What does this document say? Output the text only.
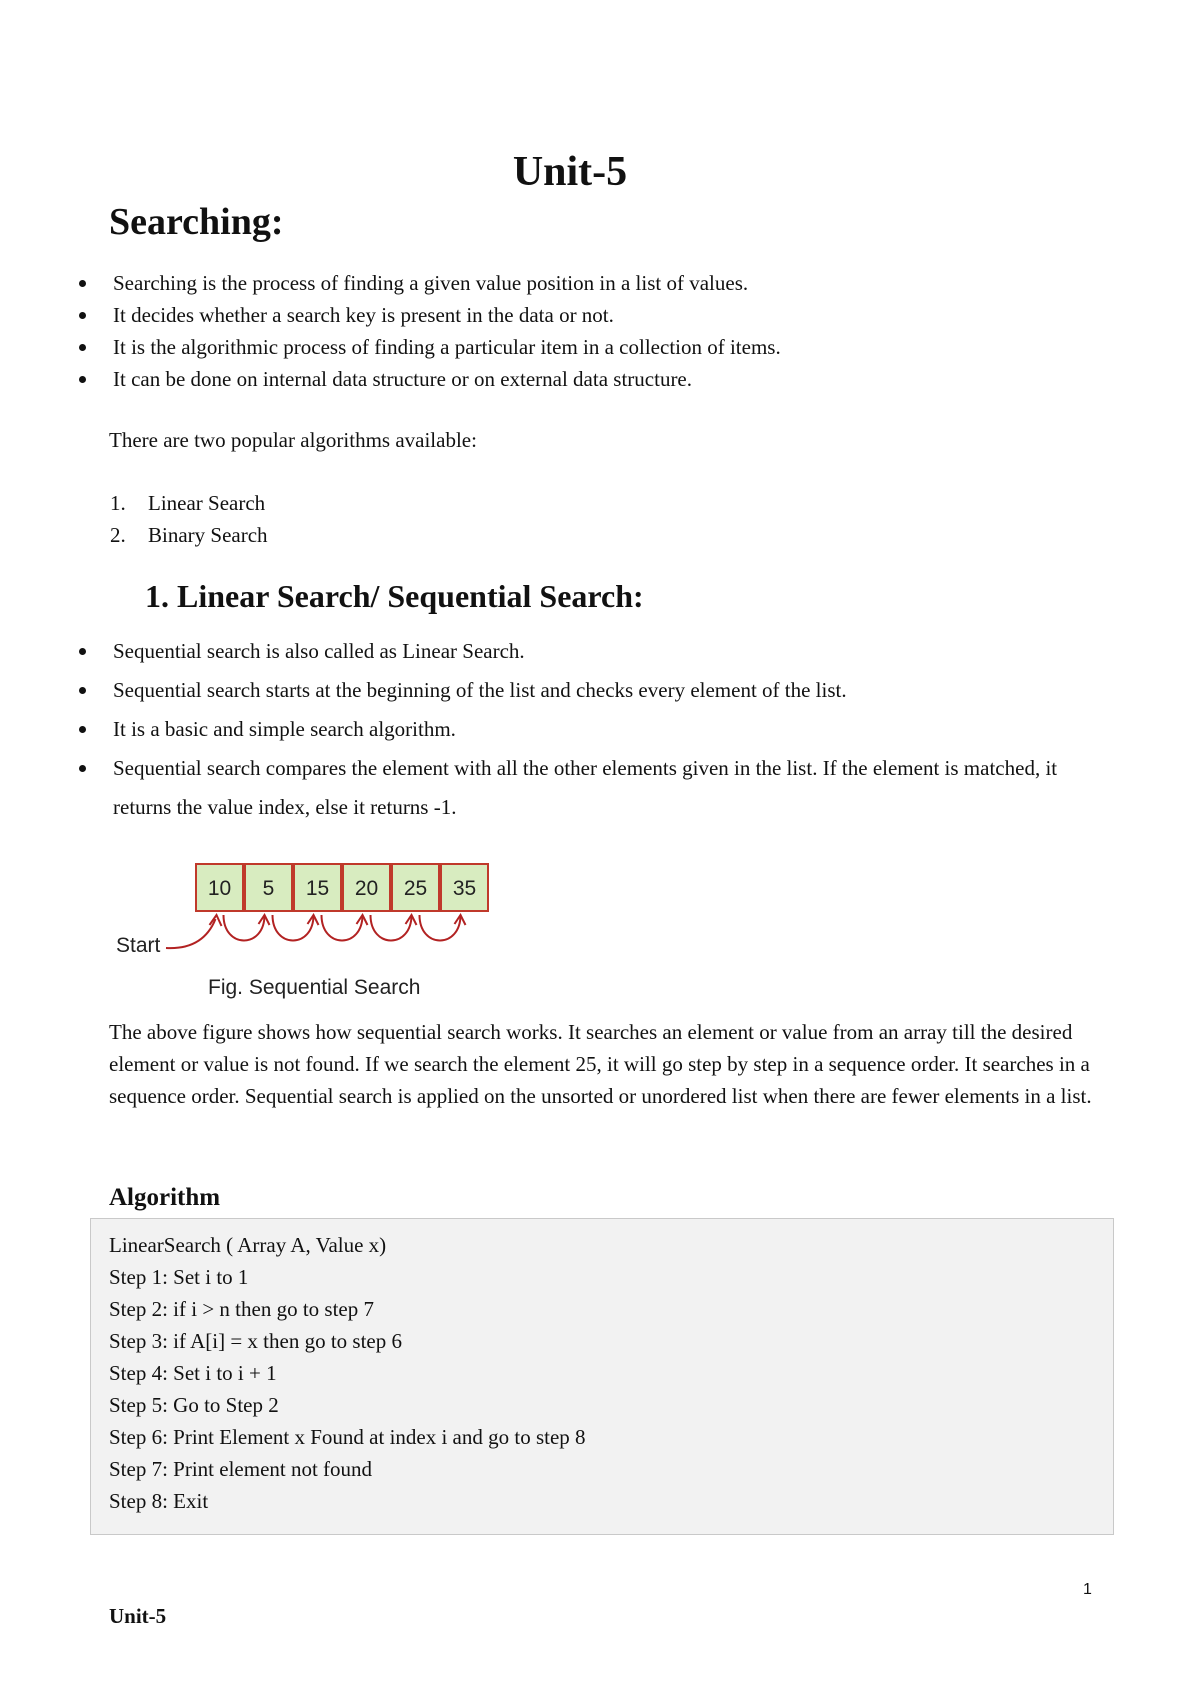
Unit-5
Searching:
Searching is the process of finding a given value position in a list of values.
It decides whether a search key is present in the data or not.
It is the algorithmic process of finding a particular item in a collection of items.
It can be done on internal data structure or on external data structure.

There are two popular algorithms available:

1. Linear Search
2. Binary Search
1. Linear Search/ Sequential Search:
Sequential search is also called as Linear Search.
Sequential search starts at the beginning of the list and checks every element of the list.
It is a basic and simple search algorithm.
Sequential search compares the element with all the other elements given in the list. If the element is matched, it returns the value index, else it returns -1.
10 5 15 20 25 35
Start
Fig. Sequential Search

The above figure shows how sequential search works. It searches an element or value from an array till the desired element or value is not found. If we search the element 25, it will go step by step in a sequence order. It searches in a sequence order. Sequential search is applied on the unsorted or unordered list when there are fewer elements in a list.

Algorithm
LinearSearch ( Array A, Value x)
Step 1: Set i to 1
Step 2: if i > n then go to step 7
Step 3: if A[i] = x then go to step 6
Step 4: Set i to i + 1
Step 5: Go to Step 2
Step 6: Print Element x Found at index i and go to step 8
Step 7: Print element not found
Step 8: Exit
1
Unit-5
